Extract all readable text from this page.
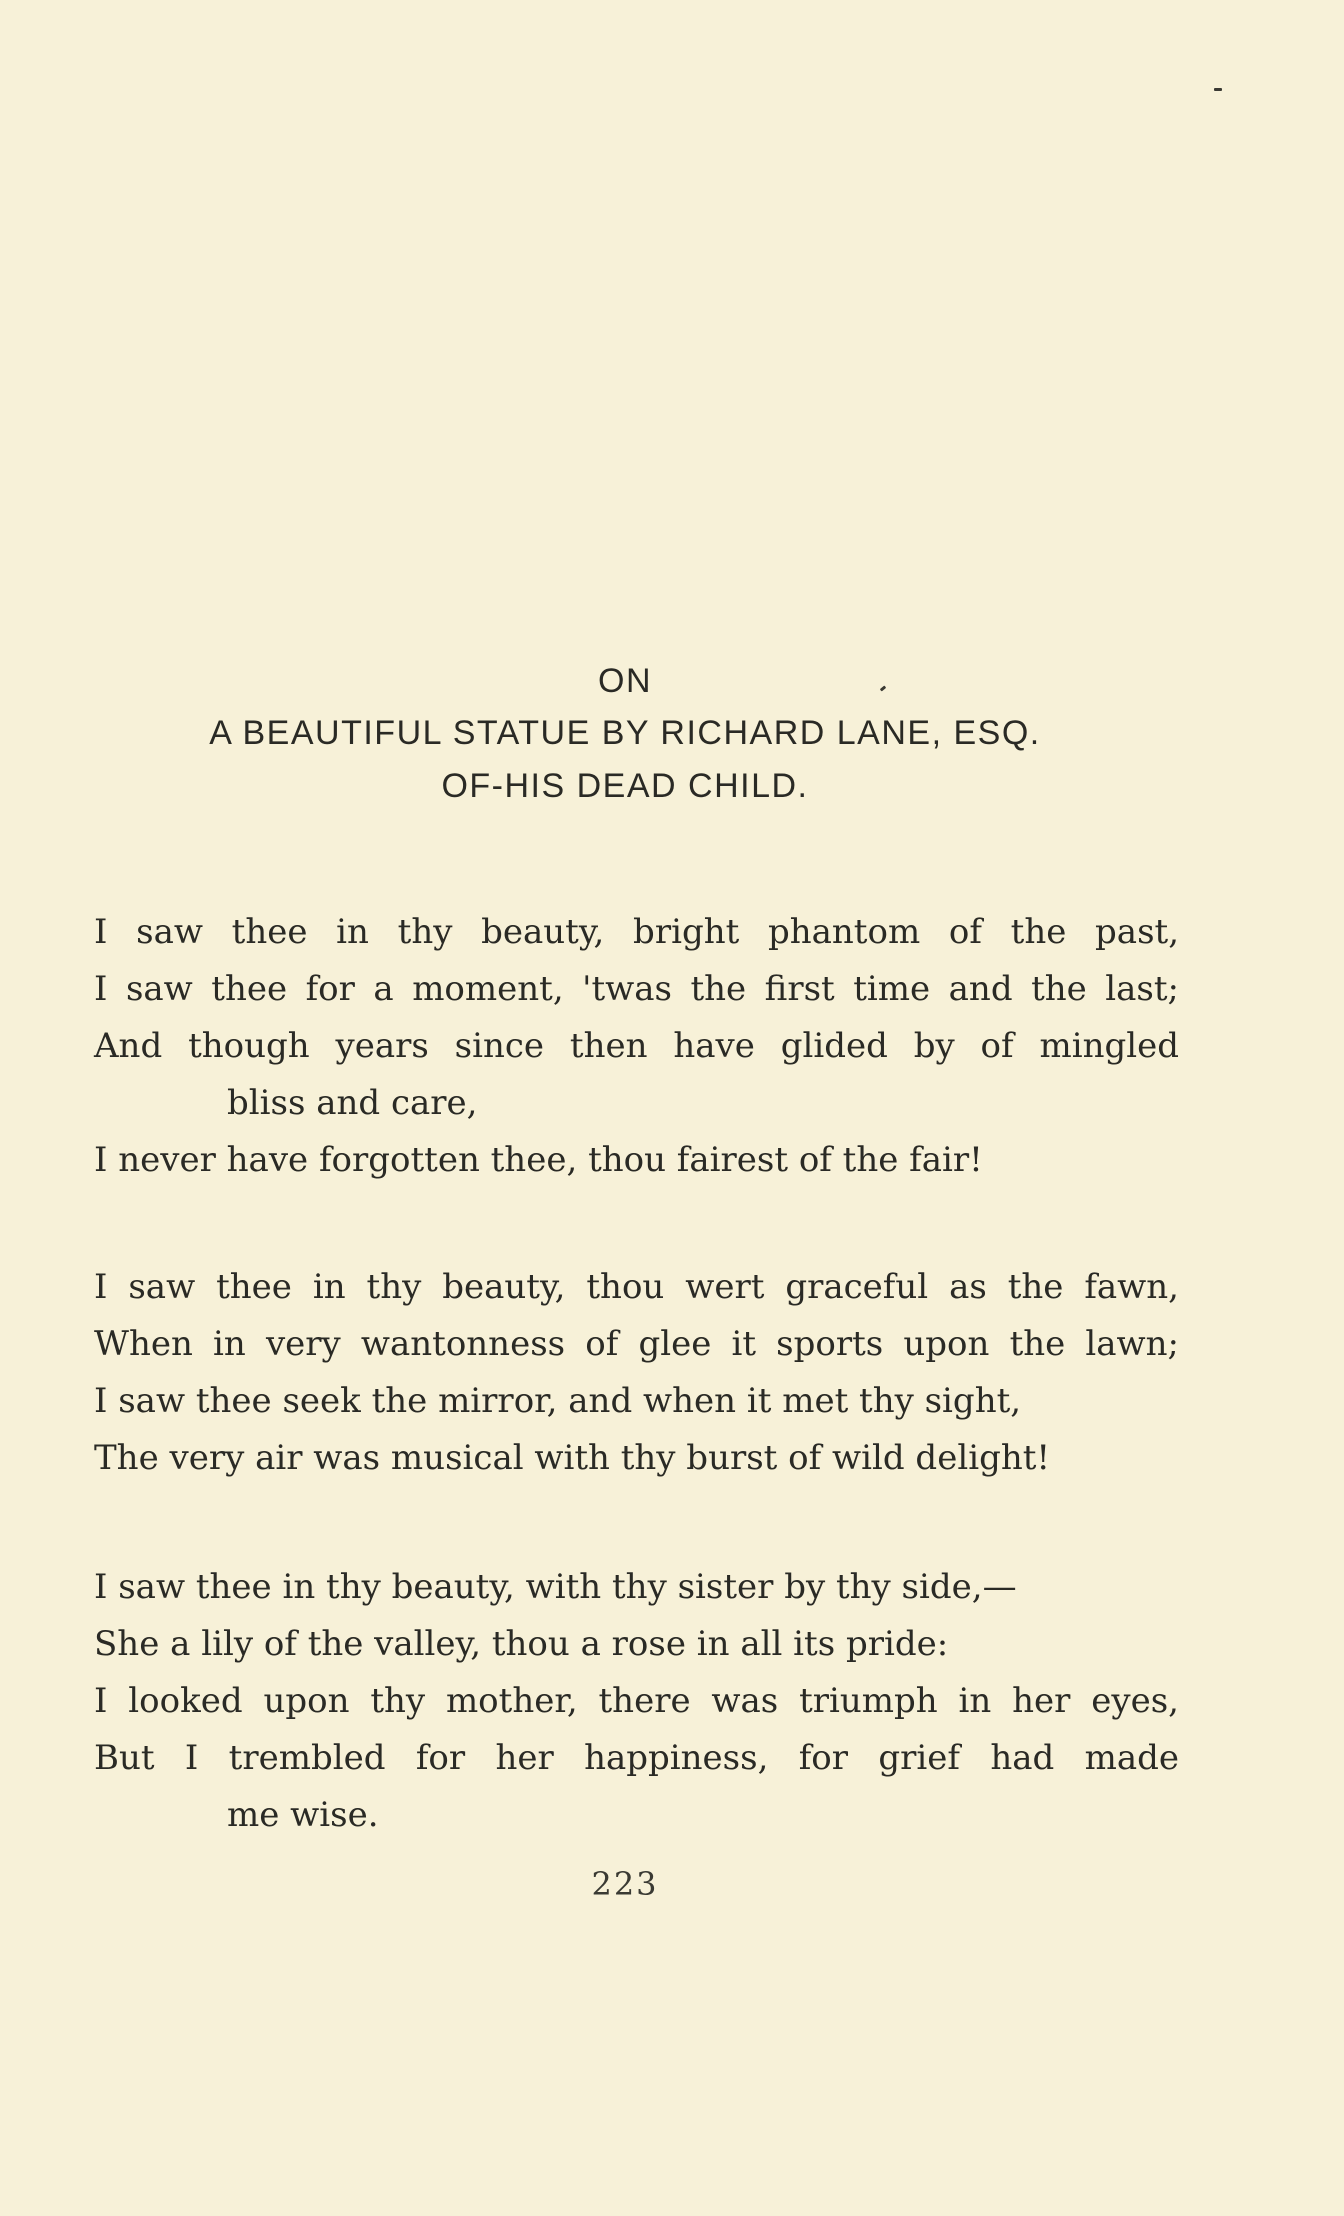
ON
A BEAUTIFUL STATUE BY RICHARD LANE, ESQ.
OF-HIS DEAD CHILD.
I saw thee in thy beauty, bright phantom of the past,
I saw thee for a moment, 'twas the first time and the last;
And though years since then have glided by of mingled
bliss and care,
I never have forgotten thee, thou fairest of the fair!
I saw thee in thy beauty, thou wert graceful as the fawn,
When in very wantonness of glee it sports upon the lawn;
I saw thee seek the mirror, and when it met thy sight,
The very air was musical with thy burst of wild delight!
I saw thee in thy beauty, with thy sister by thy side,—
She a lily of the valley, thou a rose in all its pride:
I looked upon thy mother, there was triumph in her eyes,
But I trembled for her happiness, for grief had made
me wise.

223
